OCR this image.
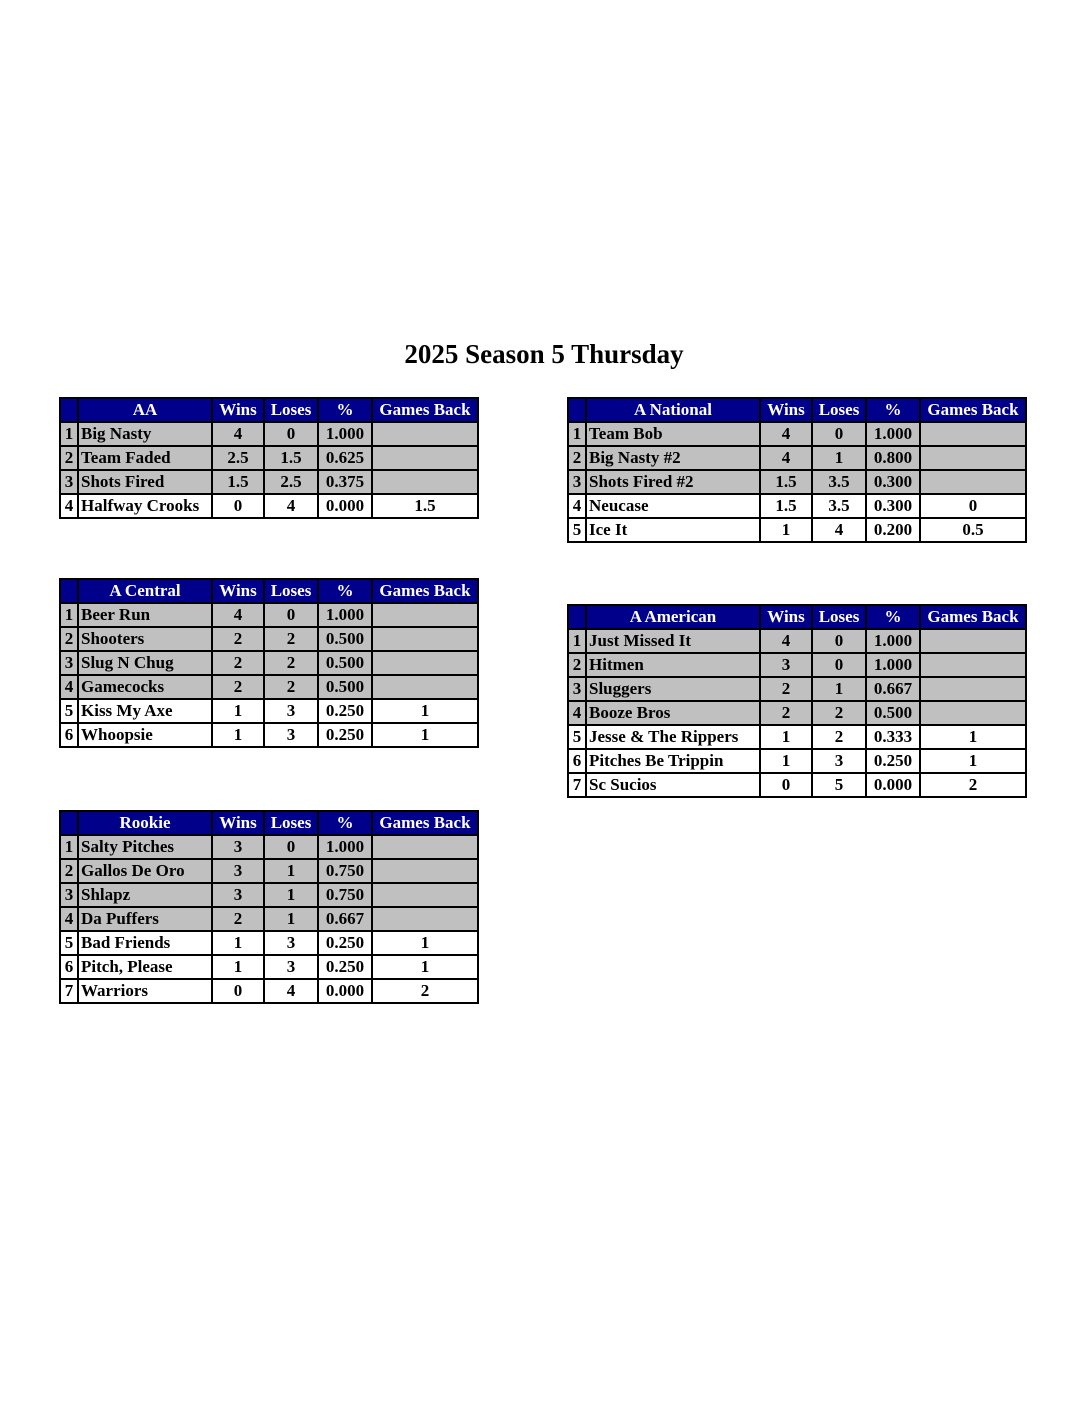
2025 Season 5 Thursday
	AA	Wins	Loses	%	Games Back
1	Big Nasty	4	0	1.000	
2	Team Faded	2.5	1.5	0.625	
3	Shots Fired	1.5	2.5	0.375	
4	Halfway Crooks	0	4	0.000	1.5
	A Central	Wins	Loses	%	Games Back
1	Beer Run	4	0	1.000	
2	Shooters	2	2	0.500	
3	Slug N Chug	2	2	0.500	
4	Gamecocks	2	2	0.500	
5	Kiss My Axe	1	3	0.250	1
6	Whoopsie	1	3	0.250	1
	Rookie	Wins	Loses	%	Games Back
1	Salty Pitches	3	0	1.000	
2	Gallos De Oro	3	1	0.750	
3	Shlapz	3	1	0.750	
4	Da Puffers	2	1	0.667	
5	Bad Friends	1	3	0.250	1
6	Pitch, Please	1	3	0.250	1
7	Warriors	0	4	0.000	2
	A National	Wins	Loses	%	Games Back
1	Team Bob	4	0	1.000	
2	Big Nasty #2	4	1	0.800	
3	Shots Fired #2	1.5	3.5	0.300	
4	Neucase	1.5	3.5	0.300	0
5	Ice It	1	4	0.200	0.5
	A American	Wins	Loses	%	Games Back
1	Just Missed It	4	0	1.000	
2	Hitmen	3	0	1.000	
3	Sluggers	2	1	0.667	
4	Booze Bros	2	2	0.500	
5	Jesse & The Rippers	1	2	0.333	1
6	Pitches Be Trippin	1	3	0.250	1
7	Sc Sucios	0	5	0.000	2
